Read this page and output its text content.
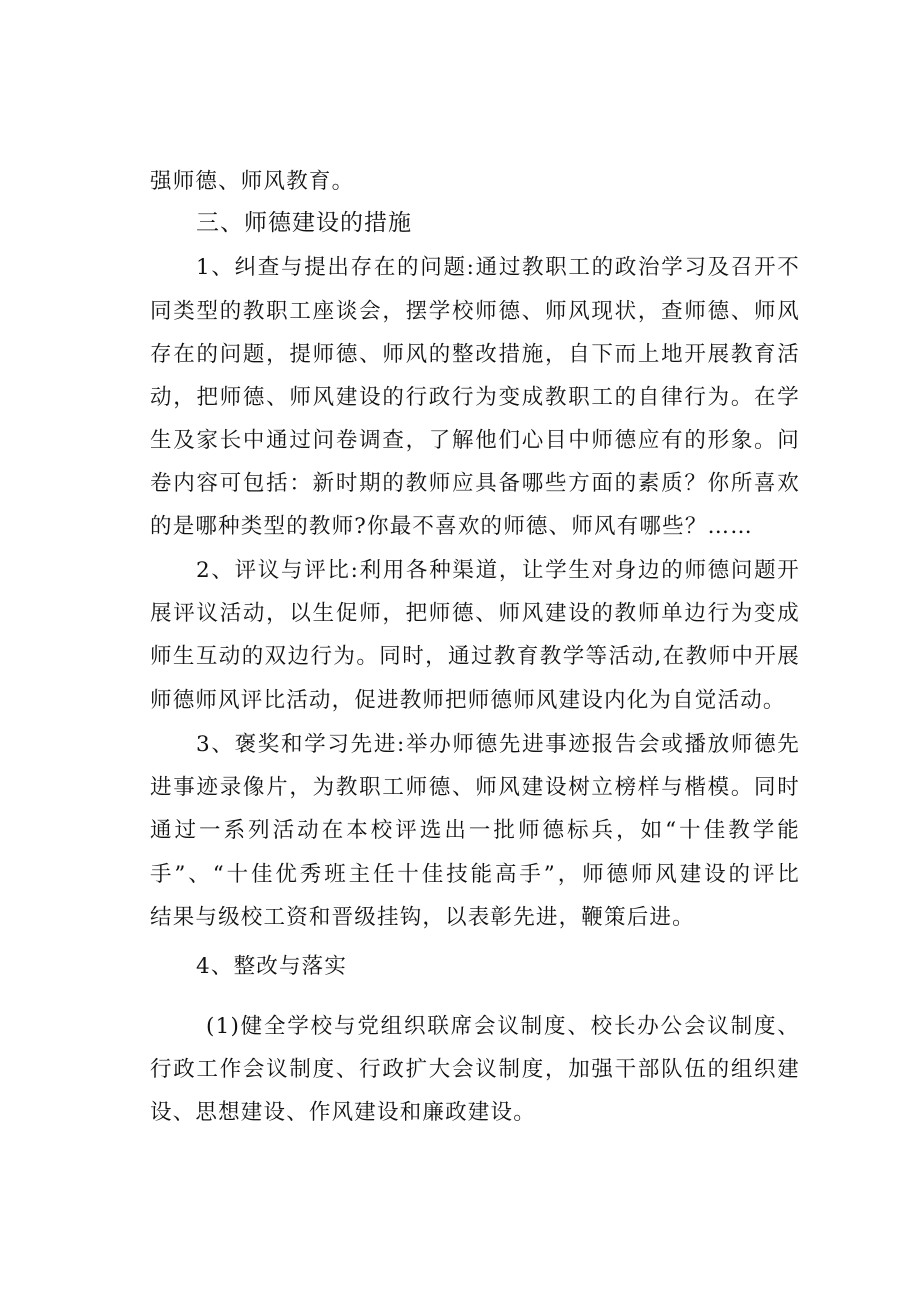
强师德、师风教育。
三、师德建设的措施
1、纠查与提出存在的问题:通过教职工的政治学习及召开不
同类型的教职工座谈会，摆学校师德、师风现状，查师德、师风
存在的问题，提师德、师风的整改措施，自下而上地开展教育活
动，把师德、师风建设的行政行为变成教职工的自律行为。在学
生及家长中通过问卷调查，了解他们心目中师德应有的形象。问
卷内容可包括：新时期的教师应具备哪些方面的素质？你所喜欢
的是哪种类型的教师?你最不喜欢的师德、师风有哪些？……
2、评议与评比:利用各种渠道，让学生对身边的师德问题开
展评议活动，以生促师，把师德、师风建设的教师单边行为变成
师生互动的双边行为。同时，通过教育教学等活动,在教师中开展
师德师风评比活动，促进教师把师德师风建设内化为自觉活动。
3、褒奖和学习先进:举办师德先进事迹报告会或播放师德先
进事迹录像片，为教职工师德、师风建设树立榜样与楷模。同时
通过一系列活动在本校评选出一批师德标兵，如“十佳教学能
手”、“十佳优秀班主任十佳技能高手”，师德师风建设的评比
结果与级校工资和晋级挂钩，以表彰先进，鞭策后进。
4、整改与落实
(1)健全学校与党组织联席会议制度、校长办公会议制度、
行政工作会议制度、行政扩大会议制度，加强干部队伍的组织建
设、思想建设、作风建设和廉政建设。
